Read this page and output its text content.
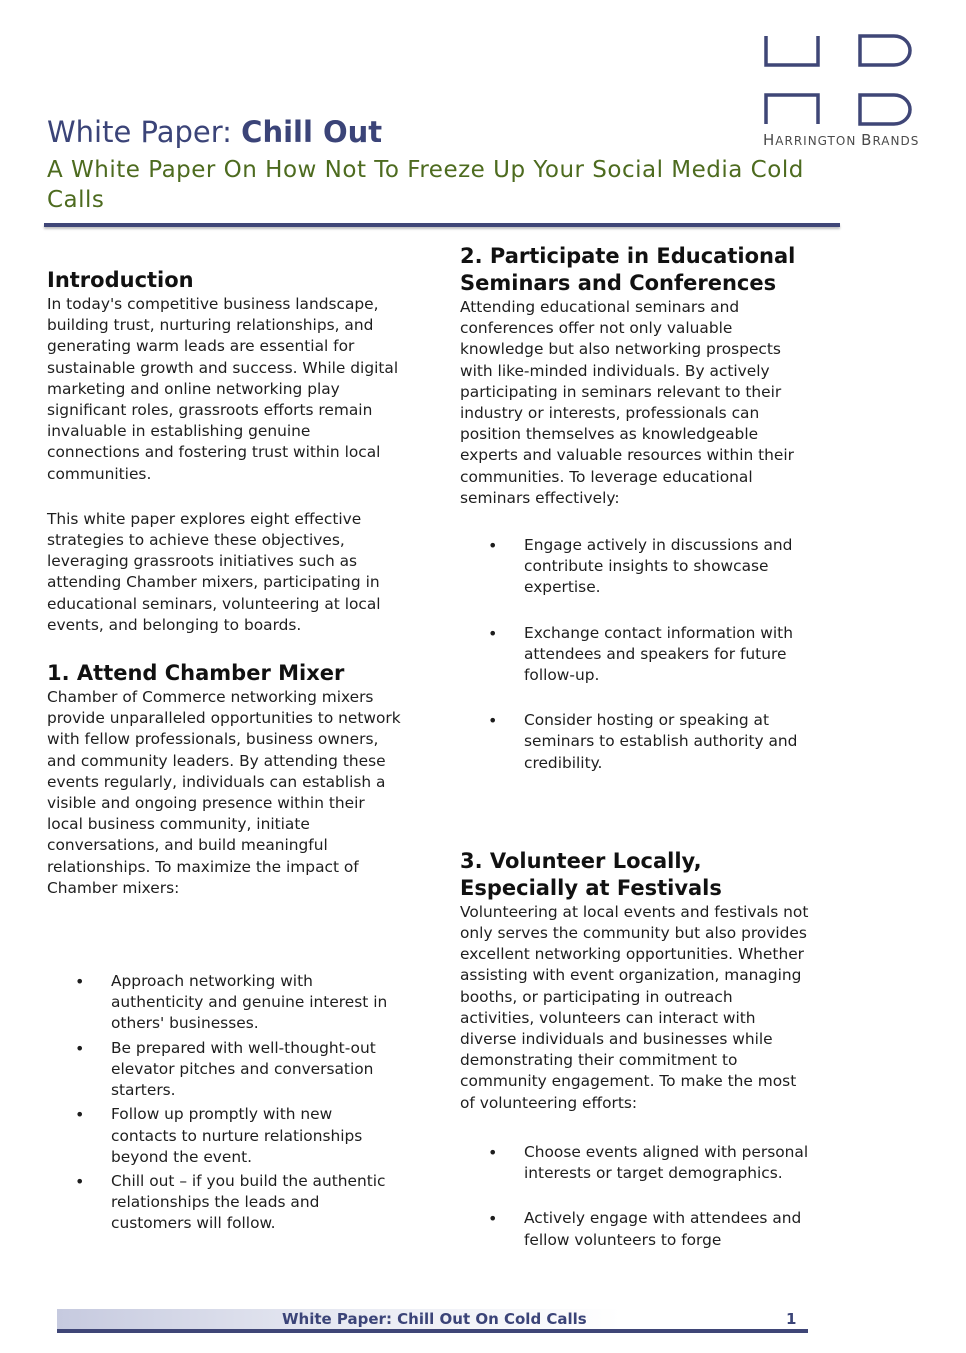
White Paper: Chill Out
A White Paper On How Not To Freeze Up Your Social Media Cold Calls
HARRINGTON BRANDS
Introduction

In today's competitive business landscape, building trust, nurturing relationships, and generating warm leads are essential for sustainable growth and success. While digital marketing and online networking play significant roles, grassroots efforts remain invaluable in establishing genuine connections and fostering trust within local communities.

This white paper explores eight effective strategies to achieve these objectives, leveraging grassroots initiatives such as attending Chamber mixers, participating in educational seminars, volunteering at local events, and belonging to boards.

1. Attend Chamber Mixer

Chamber of Commerce networking mixers provide unparalleled opportunities to network with fellow professionals, business owners, and community leaders. By attending these events regularly, individuals can establish a visible and ongoing presence within their local business community, initiate conversations, and build meaningful relationships. To maximize the impact of Chamber mixers:

• Approach networking with authenticity and genuine interest in others' businesses.
• Be prepared with well-thought-out elevator pitches and conversation starters.
• Follow up promptly with new contacts to nurture relationships beyond the event.
• Chill out – if you build the authentic relationships the leads and customers will follow.
2. Participate in Educational Seminars and Conferences

Attending educational seminars and conferences offer not only valuable knowledge but also networking prospects with like-minded individuals. By actively participating in seminars relevant to their industry or interests, professionals can position themselves as knowledgeable experts and valuable resources within their communities. To leverage educational seminars effectively:

• Engage actively in discussions and contribute insights to showcase expertise.
• Exchange contact information with attendees and speakers for future follow-up.
• Consider hosting or speaking at seminars to establish authority and credibility.
3. Volunteer Locally, Especially at Festivals

Volunteering at local events and festivals not only serves the community but also provides excellent networking opportunities. Whether assisting with event organization, managing booths, or participating in outreach activities, volunteers can interact with diverse individuals and businesses while demonstrating their commitment to community engagement. To make the most of volunteering efforts:

• Choose events aligned with personal interests or target demographics.
• Actively engage with attendees and fellow volunteers to forge
White Paper: Chill Out On Cold Calls	1
